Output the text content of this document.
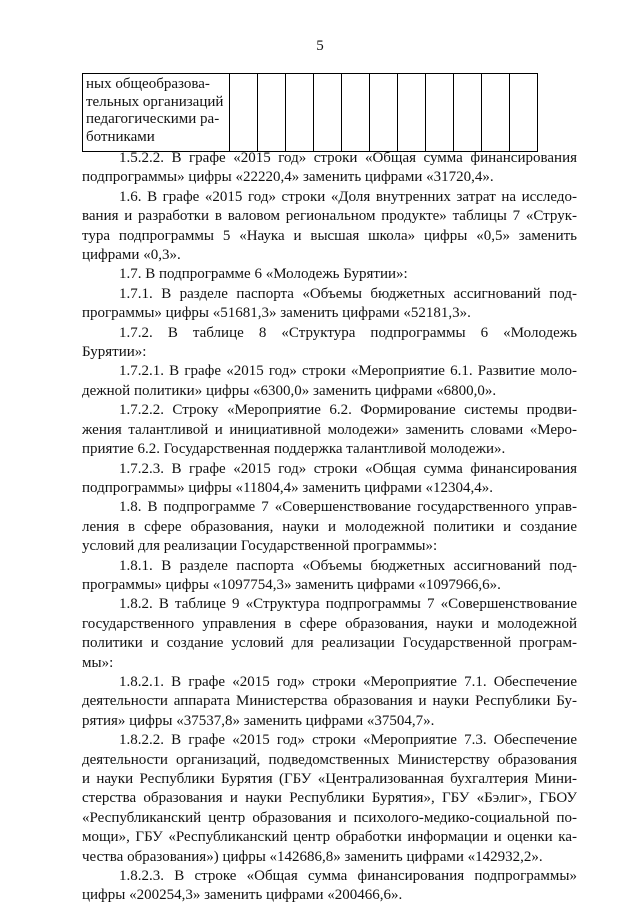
5
ных общеобразова-
тельных организаций
педагогическими ра-
ботниками

1.5.2.2. В графе «2015 год» строки «Общая сумма финансирования
подпрограммы» цифры «22220,4» заменить цифрами «31720,4».

1.6. В графе «2015 год» строки «Доля внутренних затрат на исследо-
вания и разработки в валовом региональном продукте» таблицы 7 «Струк-
тура подпрограммы 5 «Наука и высшая школа» цифры «0,5» заменить
цифрами «0,3».

1.7. В подпрограмме 6 «Молодежь Бурятии»:

1.7.1. В разделе паспорта «Объемы бюджетных ассигнований под-
программы» цифры «51681,3» заменить цифрами «52181,3».

1.7.2. В таблице 8 «Структура подпрограммы 6 «Молодежь
Бурятии»:

1.7.2.1. В графе «2015 год» строки «Мероприятие 6.1. Развитие моло-
дежной политики» цифры «6300,0» заменить цифрами «6800,0».

1.7.2.2. Строку «Мероприятие 6.2. Формирование системы продви-
жения талантливой и инициативной молодежи» заменить словами «Меро-
приятие 6.2. Государственная поддержка талантливой молодежи».

1.7.2.3. В графе «2015 год» строки «Общая сумма финансирования
подпрограммы» цифры «11804,4» заменить цифрами «12304,4».

1.8. В подпрограмме 7 «Совершенствование государственного управ-
ления в сфере образования, науки и молодежной политики и создание
условий для реализации Государственной программы»:

1.8.1. В разделе паспорта «Объемы бюджетных ассигнований под-
программы» цифры «1097754,3» заменить цифрами «1097966,6».

1.8.2. В таблице 9 «Структура подпрограммы 7 «Совершенствование
государственного управления в сфере образования, науки и молодежной
политики и создание условий для реализации Государственной програм-
мы»:

1.8.2.1. В графе «2015 год» строки «Мероприятие 7.1. Обеспечение
деятельности аппарата Министерства образования и науки Республики Бу-
рятия» цифры «37537,8» заменить цифрами «37504,7».

1.8.2.2. В графе «2015 год» строки «Мероприятие 7.3. Обеспечение
деятельности организаций, подведомственных Министерству образования
и науки Республики Бурятия (ГБУ «Централизованная бухгалтерия Мини-
стерства образования и науки Республики Бурятия», ГБУ «Бэлиг», ГБОУ
«Республиканский центр образования и психолого-медико-социальной по-
мощи», ГБУ «Республиканский центр обработки информации и оценки ка-
чества образования») цифры «142686,8» заменить цифрами «142932,2».

1.8.2.3. В строке «Общая сумма финансирования подпрограммы»
цифры «200254,3» заменить цифрами «200466,6».
